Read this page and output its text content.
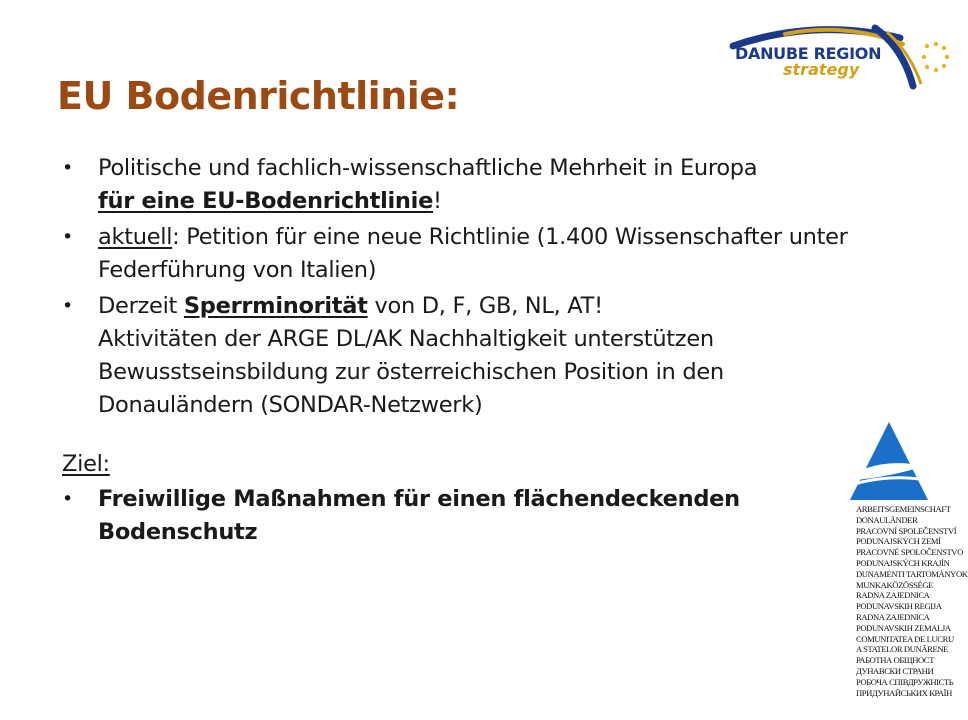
EU Bodenrichtlinie:
DANUBE REGION
strategy
•	Politische und fachlich-wissenschaftliche Mehrheit in Europa
für eine EU-Bodenrichtlinie!
•	aktuell: Petition für eine neue Richtlinie (1.400 Wissenschafter unter Federführung von Italien)
•	Derzeit Sperrminorität von D, F, GB, NL, AT!
Aktivitäten der ARGE DL/AK Nachhaltigkeit unterstützen Bewusstseinsbildung zur österreichischen Position in den Donauländern (SONDAR-Netzwerk)
Ziel:
•	Freiwillige Maßnahmen für einen flächendeckenden Bodenschutz
ARBEITSGEMEINSCHAFT
DONAULÄNDER
PRACOVNÍ SPOLEČENSTVÍ
PODUNAJSKÝCH ZEMÍ
PRACOVNÉ SPOLOČENSTVO
PODUNAJSKÝCH KRAJÍN
DUNAMENTI TARTOMÁNYOK
MUNKAKÖZÖSSÉGE
RADNA ZAJEDNICA
PODUNAVSKIH REGIJA
RADNA ZAJEDNICA
PODUNAVSKIH ZEMALJA
COMUNITATEA DE LUCRU
A STATELOR DUNĂRENE
РАБОТНА ОБЩНОСТ
ДУНАВСКИ СТРАНИ
РОБОЧА СПІВДРУЖНІСТЬ
ПРИДУНАЙСЬКИХ КРАЇН
